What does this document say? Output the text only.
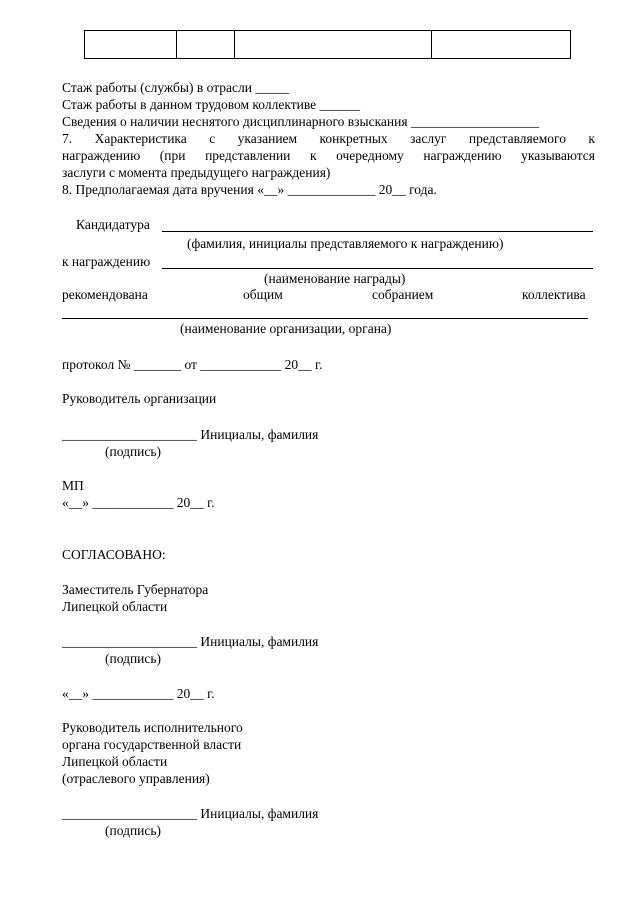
Стаж работы (службы) в отрасли _____
Стаж работы в данном трудовом коллективе ______
Сведения о наличии неснятого дисциплинарного взыскания ___________________
7.   Характеристика   с   указанием   конкретных   заслуг   представляемого   к
награждению (при представлении к очередному награждению указываются
заслуги с момента предыдущего награждения)
8. Предполагаемая дата вручения «__» _____________ 20__ года.
Кандидатура
(фамилия, инициалы представляемого к награждению)
к награждению
(наименование награды)
рекомендована	общим	собранием	коллектива
(наименование организации, органа)
протокол № _______ от ____________ 20__ г.
Руководитель организации
____________________ Инициалы, фамилия
(подпись)
МП
«__» ____________ 20__ г.
СОГЛАСОВАНО:
Заместитель Губернатора
Липецкой области
____________________ Инициалы, фамилия
(подпись)
«__» ____________ 20__ г.
Руководитель исполнительного
органа государственной власти
Липецкой области
(отраслевого управления)
____________________ Инициалы, фамилия
(подпись)
